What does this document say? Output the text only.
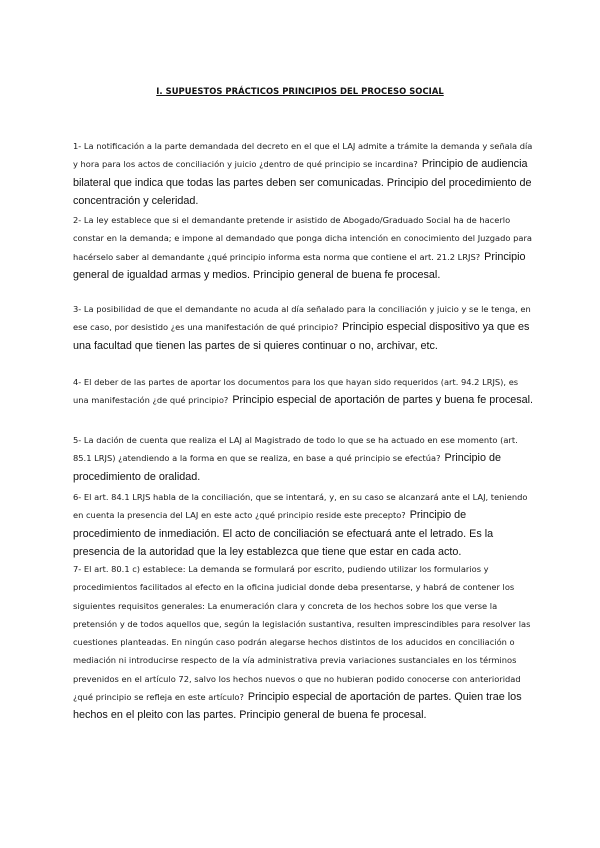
I. SUPUESTOS PRÁCTICOS PRINCIPIOS DEL PROCESO SOCIAL
1- La notificación a la parte demandada del decreto en el que el LAJ admite a trámite la demanda y señala día y hora para los actos de conciliación y juicio ¿dentro de qué principio se incardina? Principio de audiencia bilateral que indica que todas las partes deben ser comunicadas. Principio del procedimiento de concentración y celeridad.
2- La ley establece que si el demandante pretende ir asistido de Abogado/Graduado Social ha de hacerlo constar en la demanda; e impone al demandado que ponga dicha intención en conocimiento del Juzgado para hacérselo saber al demandante ¿qué principio informa esta norma que contiene el art. 21.2 LRJS? Principio general de igualdad armas y medios. Principio general de buena fe procesal.
3- La posibilidad de que el demandante no acuda al día señalado para la conciliación y juicio y se le tenga, en ese caso, por desistido ¿es una manifestación de qué principio? Principio especial dispositivo ya que es una facultad que tienen las partes de si quieres continuar o no, archivar, etc.
4- El deber de las partes de aportar los documentos para los que hayan sido requeridos (art. 94.2 LRJS), es una manifestación ¿de qué principio? Principio especial de aportación de partes y buena fe procesal.
5- La dación de cuenta que realiza el LAJ al Magistrado de todo lo que se ha actuado en ese momento (art. 85.1 LRJS) ¿atendiendo a la forma en que se realiza, en base a qué principio se efectúa? Principio de procedimiento de oralidad.
6- El art. 84.1 LRJS habla de la conciliación, que se intentará, y, en su caso se alcanzará ante el LAJ, teniendo en cuenta la presencia del LAJ en este acto ¿qué principio reside este precepto? Principio de procedimiento de inmediación. El acto de conciliación se efectuará ante el letrado. Es la presencia de la autoridad que la ley establezca que tiene que estar en cada acto.
7- El art. 80.1 c) establece: La demanda se formulará por escrito, pudiendo utilizar los formularios y procedimientos facilitados al efecto en la oficina judicial donde deba presentarse, y habrá de contener los siguientes requisitos generales: La enumeración clara y concreta de los hechos sobre los que verse la pretensión y de todos aquellos que, según la legislación sustantiva, resulten imprescindibles para resolver las cuestiones planteadas. En ningún caso podrán alegarse hechos distintos de los aducidos en conciliación o mediación ni introducirse respecto de la vía administrativa previa variaciones sustanciales en los términos prevenidos en el artículo 72, salvo los hechos nuevos o que no hubieran podido conocerse con anterioridad ¿qué principio se refleja en este artículo? Principio especial de aportación de partes. Quien trae los hechos en el pleito con las partes. Principio general de buena fe procesal.
